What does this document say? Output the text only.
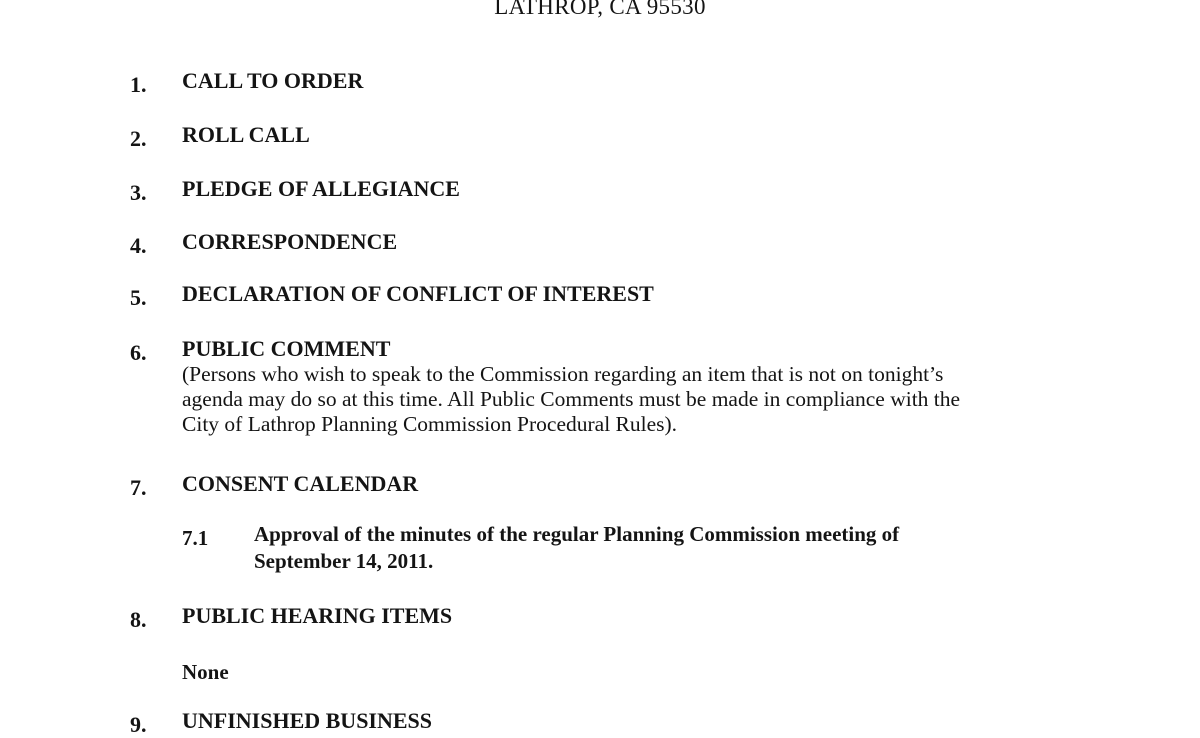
LATHROP, CA 95530
1. CALL TO ORDER
2. ROLL CALL
3. PLEDGE OF ALLEGIANCE
4. CORRESPONDENCE
5. DECLARATION OF CONFLICT OF INTEREST
6. PUBLIC COMMENT
(Persons who wish to speak to the Commission regarding an item that is not on tonight’s
agenda may do so at this time. All Public Comments must be made in compliance with the
City of Lathrop Planning Commission Procedural Rules).
7. CONSENT CALENDAR
7.1 Approval of the minutes of the regular Planning Commission meeting of
September 14, 2011.
8. PUBLIC HEARING ITEMS
None
9. UNFINISHED BUSINESS
